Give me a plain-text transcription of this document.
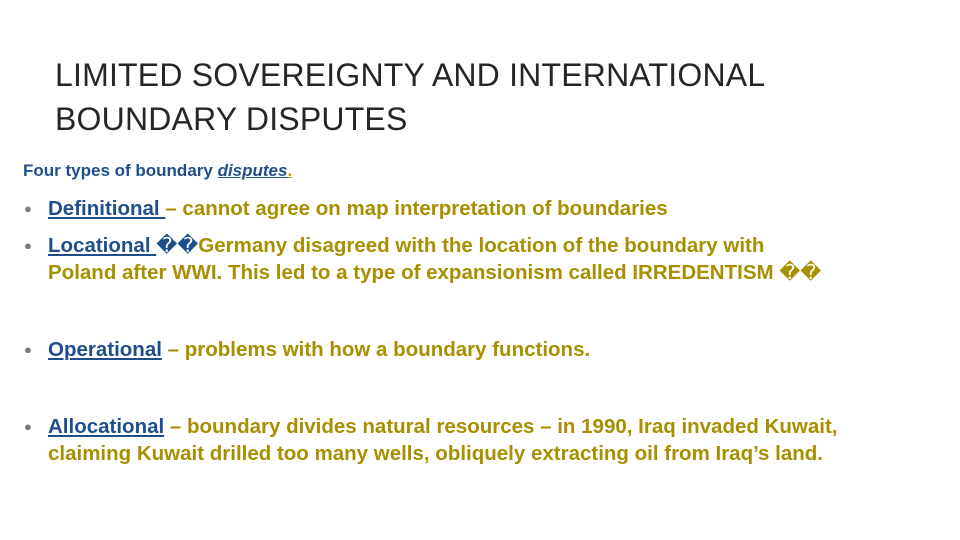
LIMITED SOVEREIGNTY AND INTERNATIONAL
BOUNDARY DISPUTES
Four types of boundary disputes.
● Definitional – cannot agree on map interpretation of boundaries
● Locational ��Germany disagreed with the location of the boundary with
Poland after WWI. This led to a type of expansionism called IRREDENTISM ��
● Operational – problems with how a boundary functions.
● Allocational – boundary divides natural resources – in 1990, Iraq invaded Kuwait, claiming Kuwait drilled too many wells, obliquely extracting oil from Iraq’s land.
